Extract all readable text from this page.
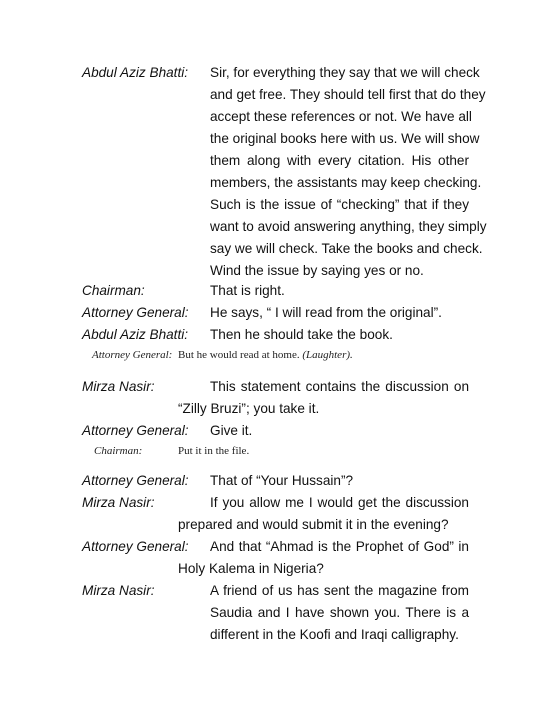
Abdul Aziz Bhatti: Sir, for everything they say that we will check
and get free. They should tell first that do they
accept these references or not. We have all
the original books here with us. We will show
them along with every citation. His other
members, the assistants may keep checking.
Such is the issue of “checking” that if they
want to avoid answering anything, they simply
say we will check. Take the books and check.
Wind the issue by saying yes or no.
Chairman:	That is right.
Attorney General: He says, “ I will read from the original”.
Abdul Aziz Bhatti: Then he should take the book.
Attorney General: But he would read at home. (Laughter).
Mirza Nasir:	This statement contains the discussion on
“Zilly Bruzi”; you take it.
Attorney General: Give it.
Chairman:	Put it in the file.
Attorney General: That of “Your Hussain”?
Mirza Nasir:	If you allow me I would get the discussion
prepared and would submit it in the evening?
Attorney General: And that “Ahmad is the Prophet of God” in
Holy Kalema in Nigeria?
Mirza Nasir:	A friend of us has sent the magazine from
Saudia and I have shown you. There is a
different in the Koofi and Iraqi calligraphy.
